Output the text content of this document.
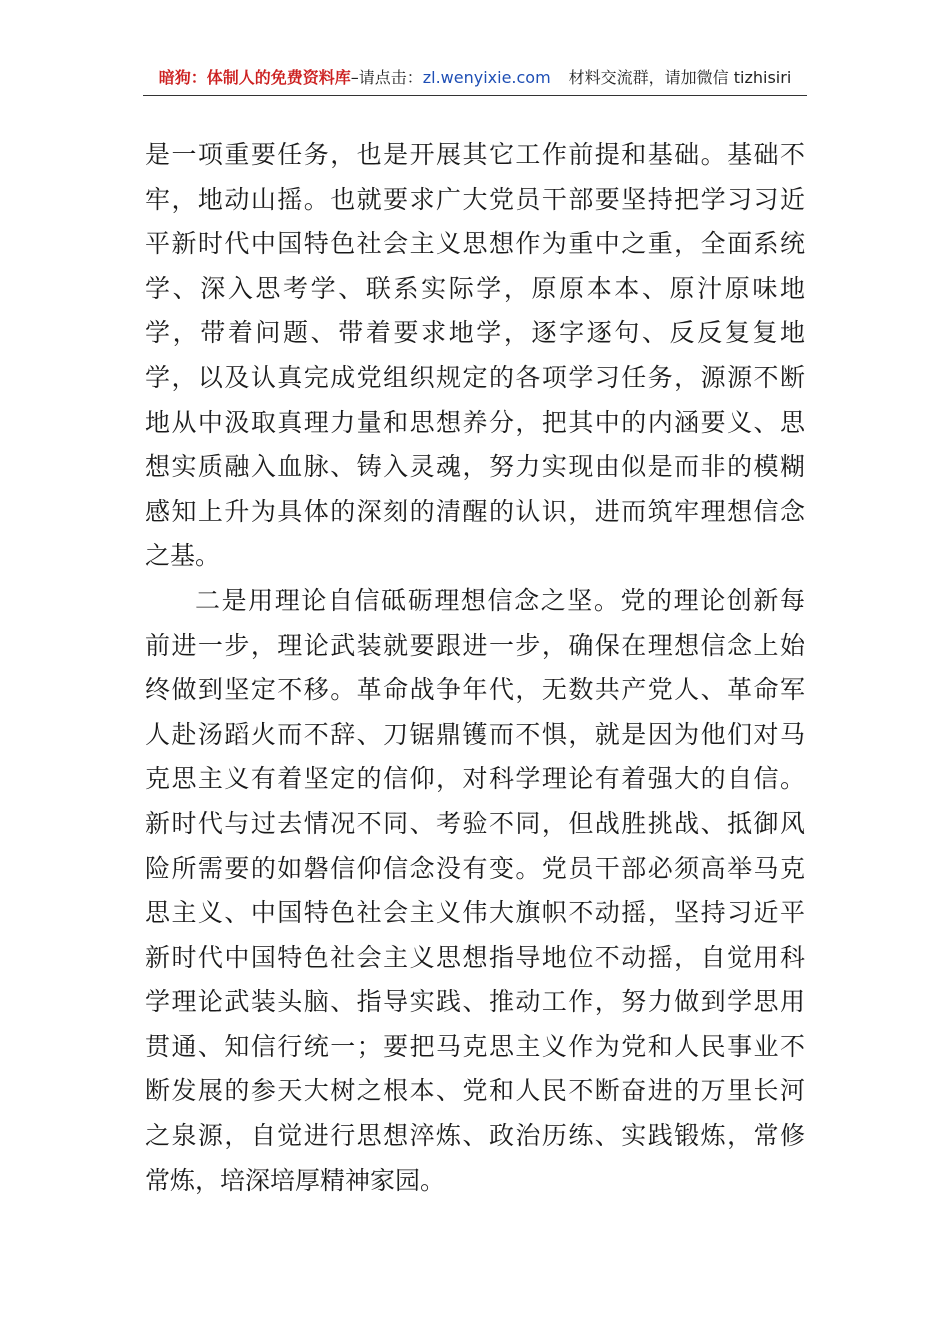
暗狗：体制人的免费资料库–请点击：zl.wenyixie.com 材料交流群，请加微信 tizhisiri
是一项重要任务，也是开展其它工作前提和基础。基础不
牢，地动山摇。也就要求广大党员干部要坚持把学习习近
平新时代中国特色社会主义思想作为重中之重，全面系统
学、深入思考学、联系实际学，原原本本、原汁原味地
学，带着问题、带着要求地学，逐字逐句、反反复复地
学，以及认真完成党组织规定的各项学习任务，源源不断
地从中汲取真理力量和思想养分，把其中的内涵要义、思
想实质融入血脉、铸入灵魂，努力实现由似是而非的模糊
感知上升为具体的深刻的清醒的认识，进而筑牢理想信念
之基。
二是用理论自信砥砺理想信念之坚。党的理论创新每
前进一步，理论武装就要跟进一步，确保在理想信念上始
终做到坚定不移。革命战争年代，无数共产党人、革命军
人赴汤蹈火而不辞、刀锯鼎镬而不惧，就是因为他们对马
克思主义有着坚定的信仰，对科学理论有着强大的自信。
新时代与过去情况不同、考验不同，但战胜挑战、抵御风
险所需要的如磐信仰信念没有变。党员干部必须高举马克
思主义、中国特色社会主义伟大旗帜不动摇，坚持习近平
新时代中国特色社会主义思想指导地位不动摇，自觉用科
学理论武装头脑、指导实践、推动工作，努力做到学思用
贯通、知信行统一；要把马克思主义作为党和人民事业不
断发展的参天大树之根本、党和人民不断奋进的万里长河
之泉源，自觉进行思想淬炼、政治历练、实践锻炼，常修
常炼，培深培厚精神家园。
